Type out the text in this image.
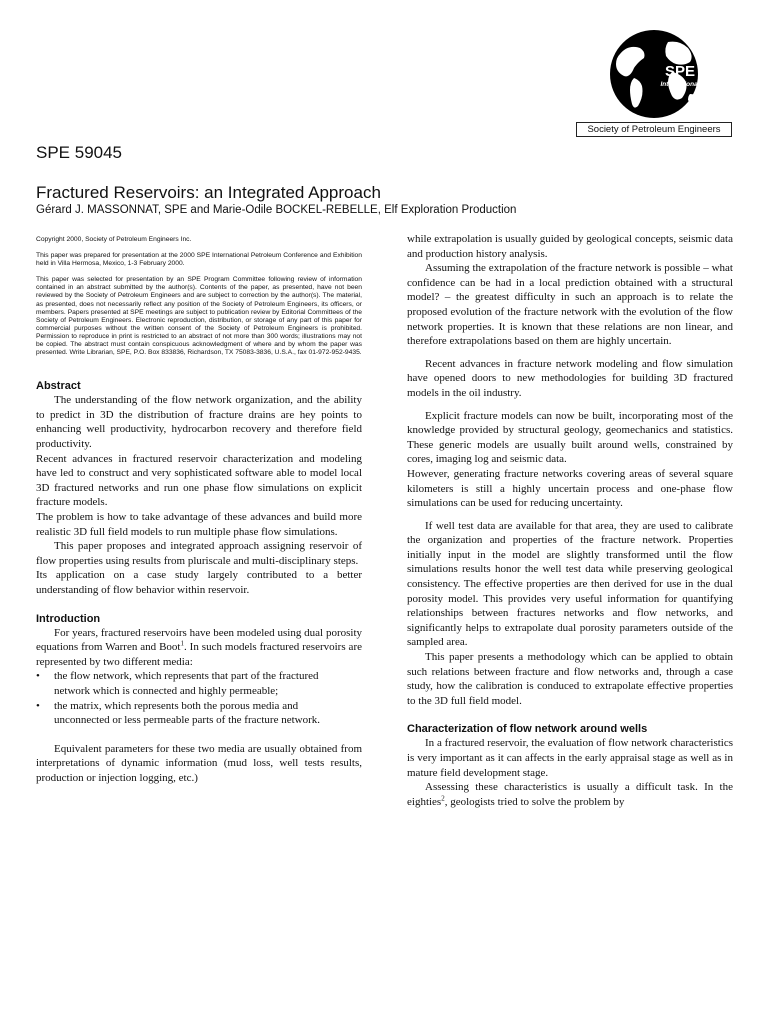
SPE
International
Society of Petroleum Engineers
SPE 59045
Fractured Reservoirs: an Integrated Approach
Gérard J. MASSONNAT, SPE and Marie-Odile BOCKEL-REBELLE, Elf Exploration Production

Copyright 2000, Society of Petroleum Engineers Inc.

This paper was prepared for presentation at the 2000 SPE International Petroleum Conference and Exhibition held in Villa Hermosa, Mexico, 1-3 February 2000.

This paper was selected for presentation by an SPE Program Committee following review of information contained in an abstract submitted by the author(s). Contents of the paper, as presented, have not been reviewed by the Society of Petroleum Engineers and are subject to correction by the author(s). The material, as presented, does not necessarily reflect any position of the Society of Petroleum Engineers, its officers, or members. Papers presented at SPE meetings are subject to publication review by Editorial Committees of the Society of Petroleum Engineers. Electronic reproduction, distribution, or storage of any part of this paper for commercial purposes without the written consent of the Society of Petroleum Engineers is prohibited. Permission to reproduce in print is restricted to an abstract of not more than 300 words; illustrations may not be copied. The abstract must contain conspicuous acknowledgment of where and by whom the paper was presented. Write Librarian, SPE, P.O. Box 833836, Richardson, TX 75083-3836, U.S.A., fax 01-972-952-9435.

Abstract

The understanding of the flow network organization, and the ability to predict in 3D the distribution of fracture drains are hey points to enhancing well productivity, hydrocarbon recovery and therefore field productivity.

Recent advances in fractured reservoir characterization and modeling have led to construct and very sophisticated software able to model local 3D fractured networks and run one phase flow simulations on explicit fracture models.

The problem is how to take advantage of these advances and build more realistic 3D full field models to run multiple phase flow simulations.

This paper proposes and integrated approach assigning reservoir of flow properties using results from pluriscale and multi-disciplinary steps.

Its application on a case study largely contributed to a better understanding of flow behavior within reservoir.

Introduction

For years, fractured reservoirs have been modeled using dual porosity equations from Warren and Boot$^1$. In such models fractured reservoirs are represented by two different media:

• the flow network, which represents that part of the fractured network which is connected and highly permeable;
• the matrix, which represents both the porous media and unconnected or less permeable parts of the fracture network.

Equivalent parameters for these two media are usually obtained from interpretations of dynamic information (mud loss, well tests results, production or injection logging, etc.)

while extrapolation is usually guided by geological concepts, seismic data and production history analysis.

Assuming the extrapolation of the fracture network is possible – what confidence can be had in a local prediction obtained with a structural model? – the greatest difficulty in such an approach is to relate the proposed evolution of the fracture network with the evolution of the flow network properties. It is known that these relations are non linear, and therefore extrapolations based on them are highly uncertain.

Recent advances in fracture network modeling and flow simulation have opened doors to new methodologies for building 3D fractured models in the oil industry.

Explicit fracture models can now be built, incorporating most of the knowledge provided by structural geology, geomechanics and statistics. These generic models are usually built around wells, constrained by cores, imaging log and seismic data.

However, generating fracture networks covering areas of several square kilometers is still a highly uncertain process and one-phase flow simulations can be used for reducing uncertainty.

If well test data are available for that area, they are used to calibrate the organization and properties of the fracture network. Properties initially input in the model are slightly transformed until the flow simulations results honor the well test data while preserving geological consistency. The effective properties are then derived for use in the dual porosity model. This provides very useful information for quantifying relationships between fractures networks and flow networks, and significantly helps to extrapolate dual porosity parameters outside of the sampled area.

This paper presents a methodology which can be applied to obtain such relations between fracture and flow networks and, through a case study, how the calibration is conduced to extrapolate effective properties to the 3D full field model.

Characterization of flow network around wells

In a fractured reservoir, the evaluation of flow network characteristics is very important as it can affects in the early appraisal stage as well as in mature field development stage.

Assessing these characteristics is usually a difficult task. In the eighties$^2$, geologists tried to solve the problem by
